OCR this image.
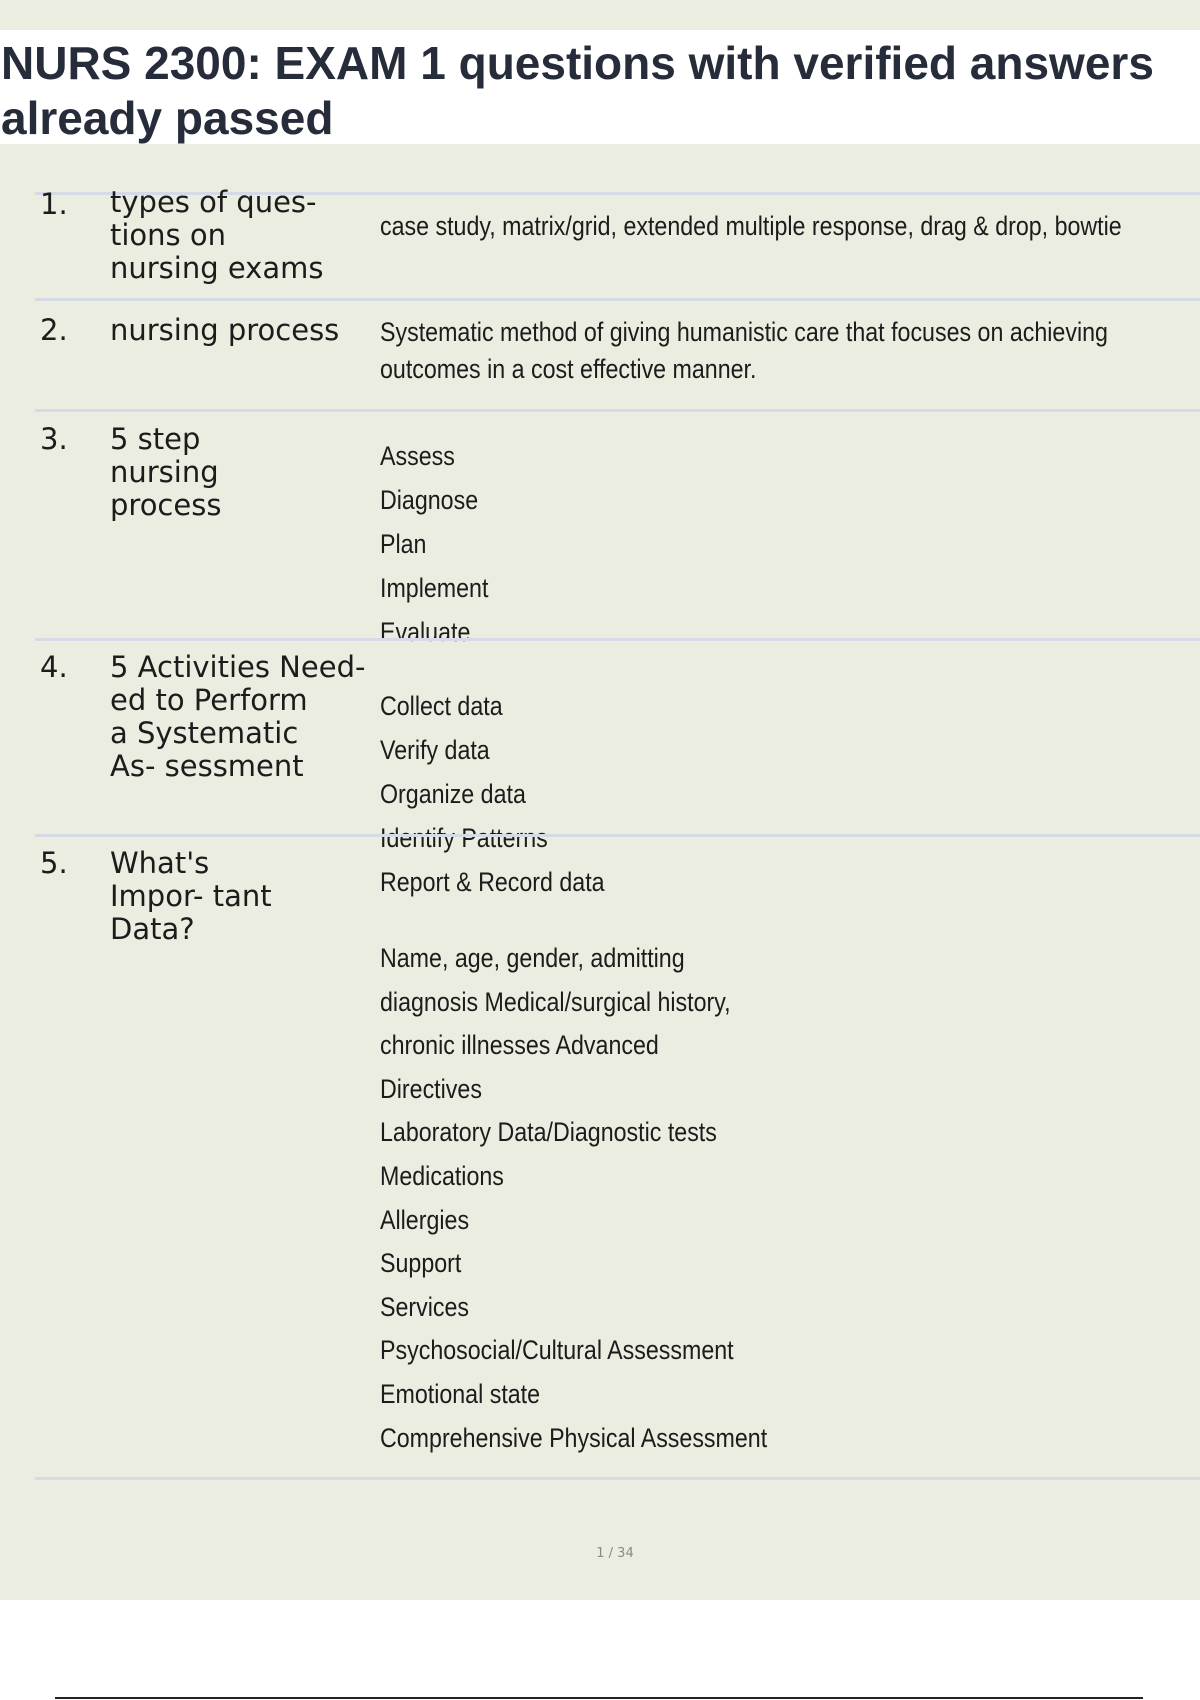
NURS 2300: EXAM 1 questions with verified answers
already passed
1. types of ques-
tions on
nursing exams
case study, matrix/grid, extended multiple response, drag & drop, bowtie
2. nursing process	Systematic method of giving humanistic care that focuses on achieving
outcomes in a cost effective manner.
3. 5 step
nursing
process
Assess
Diagnose
Plan
Implement
Evaluate
4. 5 Activities Need-
ed to Perform
a Systematic
As- sessment
Collect data
Verify data
Organize data
Identify Patterns
Report & Record data
5. What's
Impor- tant
Data?
Name, age, gender, admitting
diagnosis Medical/surgical history,
chronic illnesses Advanced
Directives
Laboratory Data/Diagnostic tests
Medications
Allergies
Support
Services
Psychosocial/Cultural Assessment
Emotional state
Comprehensive Physical Assessment
1 / 34
